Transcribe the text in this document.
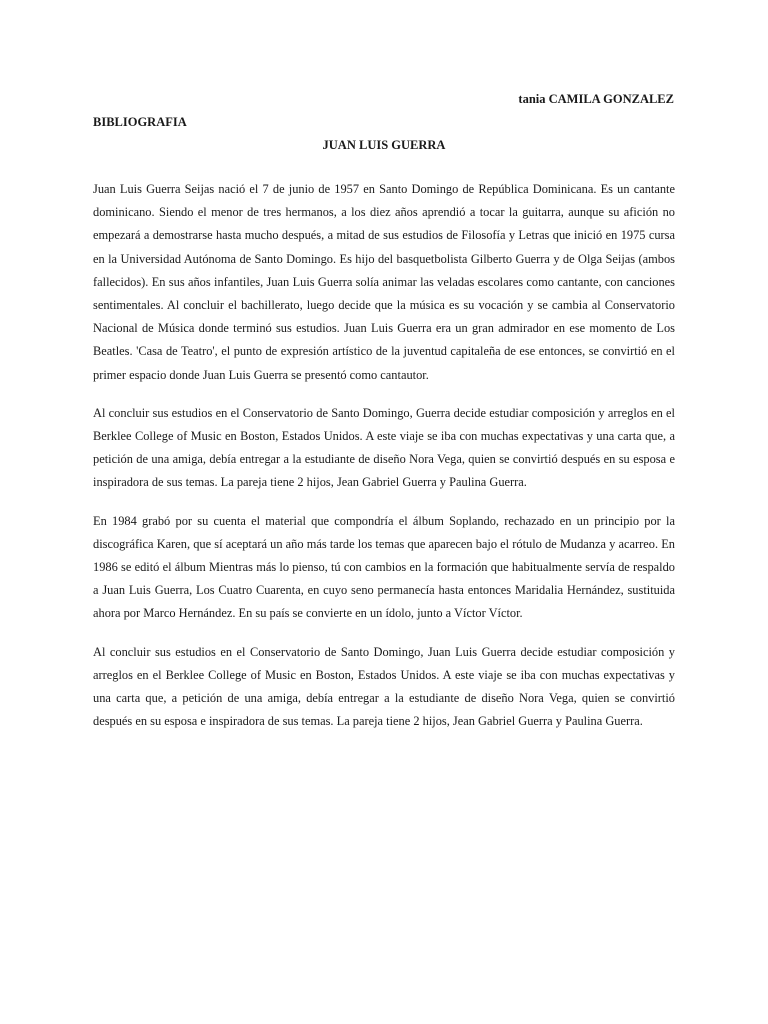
tania CAMILA GONZALEZ
BIBLIOGRAFIA
JUAN LUIS GUERRA

Juan Luis Guerra Seijas nació el 7 de junio de 1957 en Santo Domingo de República Dominicana. Es un cantante dominicano. Siendo el menor de tres hermanos, a los diez años aprendió a tocar la guitarra, aunque su afición no empezará a demostrarse hasta mucho después, a mitad de sus estudios de Filosofía y Letras que inició en 1975 cursa en la Universidad Autónoma de Santo Domingo. Es hijo del basquetbolista Gilberto Guerra y de Olga Seijas (ambos fallecidos). En sus años infantiles, Juan Luis Guerra solía animar las veladas escolares como cantante, con canciones sentimentales. Al concluir el bachillerato, luego decide que la música es su vocación y se cambia al Conservatorio Nacional de Música donde terminó sus estudios. Juan Luis Guerra era un gran admirador en ese momento de Los Beatles. 'Casa de Teatro', el punto de expresión artístico de la juventud capitaleña de ese entonces, se convirtió en el primer espacio donde Juan Luis Guerra se presentó como cantautor.

Al concluir sus estudios en el Conservatorio de Santo Domingo, Guerra decide estudiar composición y arreglos en el Berklee College of Music en Boston, Estados Unidos. A este viaje se iba con muchas expectativas y una carta que, a petición de una amiga, debía entregar a la estudiante de diseño Nora Vega, quien se convirtió después en su esposa e inspiradora de sus temas. La pareja tiene 2 hijos, Jean Gabriel Guerra y Paulina Guerra.

En 1984 grabó por su cuenta el material que compondría el álbum Soplando, rechazado en un principio por la discográfica Karen, que sí aceptará un año más tarde los temas que aparecen bajo el rótulo de Mudanza y acarreo. En 1986 se editó el álbum Mientras más lo pienso, tú con cambios en la formación que habitualmente servía de respaldo a Juan Luis Guerra, Los Cuatro Cuarenta, en cuyo seno permanecía hasta entonces Maridalia Hernández, sustituida ahora por Marco Hernández. En su país se convierte en un ídolo, junto a Víctor Víctor.

Al concluir sus estudios en el Conservatorio de Santo Domingo, Juan Luis Guerra decide estudiar composición y arreglos en el Berklee College of Music en Boston, Estados Unidos. A este viaje se iba con muchas expectativas y una carta que, a petición de una amiga, debía entregar a la estudiante de diseño Nora Vega, quien se convirtió después en su esposa e inspiradora de sus temas. La pareja tiene 2 hijos, Jean Gabriel Guerra y Paulina Guerra.
